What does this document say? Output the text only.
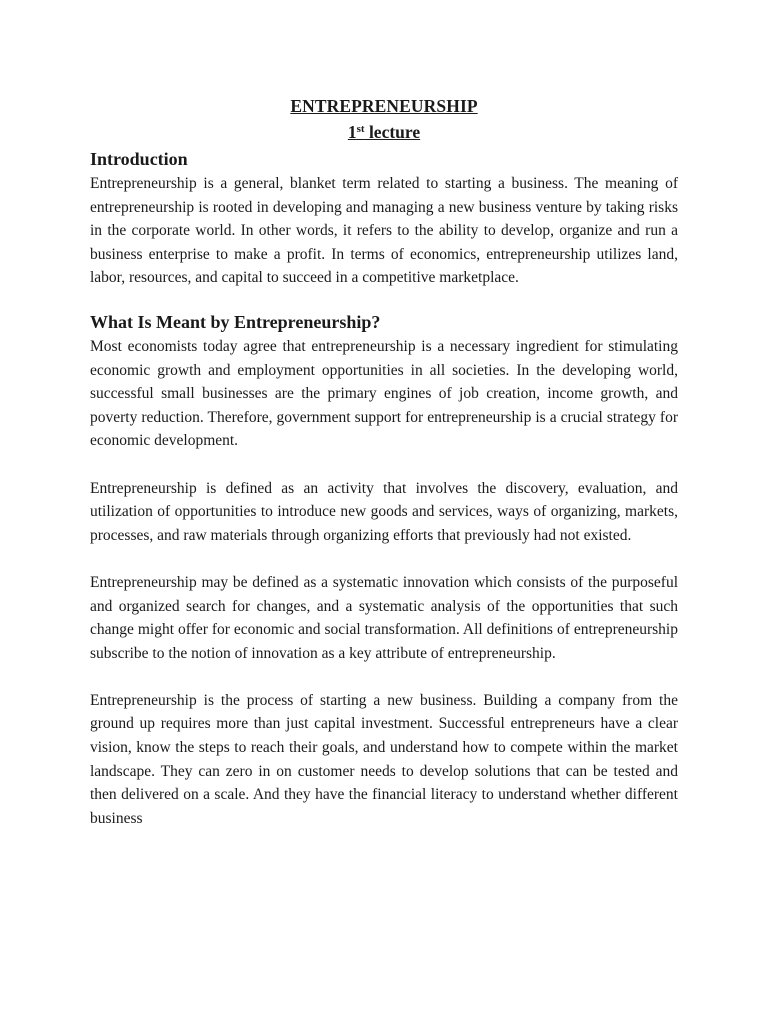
ENTREPRENEURSHIP
1st lecture
Introduction

Entrepreneurship is a general, blanket term related to starting a business. The meaning of entrepreneurship is rooted in developing and managing a new business venture by taking risks in the corporate world. In other words, it refers to the ability to develop, organize and run a business enterprise to make a profit. In terms of economics, entrepreneurship utilizes land, labor, resources, and capital to succeed in a competitive marketplace.

What Is Meant by Entrepreneurship?

Most economists today agree that entrepreneurship is a necessary ingredient for stimulating economic growth and employment opportunities in all societies. In the developing world, successful small businesses are the primary engines of job creation, income growth, and poverty reduction. Therefore, government support for entrepreneurship is a crucial strategy for economic development.

Entrepreneurship is defined as an activity that involves the discovery, evaluation, and utilization of opportunities to introduce new goods and services, ways of organizing, markets, processes, and raw materials through organizing efforts that previously had not existed.

Entrepreneurship may be defined as a systematic innovation which consists of the purposeful and organized search for changes, and a systematic analysis of the opportunities that such change might offer for economic and social transformation. All definitions of entrepreneurship subscribe to the notion of innovation as a key attribute of entrepreneurship.

Entrepreneurship is the process of starting a new business. Building a company from the ground up requires more than just capital investment. Successful entrepreneurs have a clear vision, know the steps to reach their goals, and understand how to compete within the market landscape. They can zero in on customer needs to develop solutions that can be tested and then delivered on a scale. And they have the financial literacy to understand whether different business
